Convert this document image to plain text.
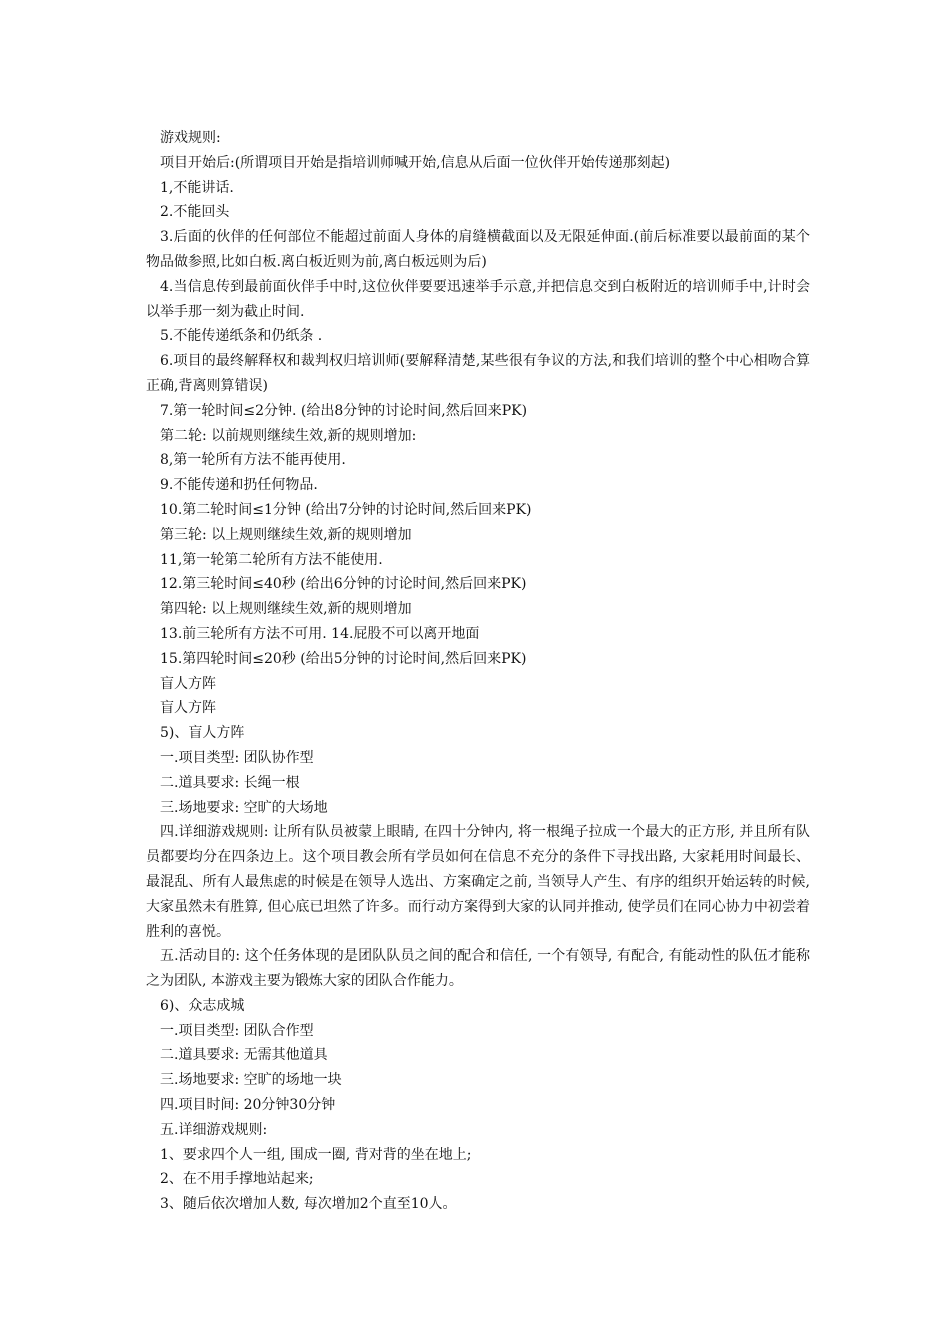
游戏规则:

项目开始后:(所谓项目开始是指培训师喊开始,信息从后面一位伙伴开始传递那刻起)

1,不能讲话.

2.不能回头

3.后面的伙伴的任何部位不能超过前面人身体的肩缝横截面以及无限延伸面.(前后标准要以最前面的某个物品做参照,比如白板.离白板近则为前,离白板远则为后)

4.当信息传到最前面伙伴手中时,这位伙伴要要迅速举手示意,并把信息交到白板附近的培训师手中,计时会以举手那一刻为截止时间.

5.不能传递纸条和仍纸条 .

6.项目的最终解释权和裁判权归培训师(要解释清楚,某些很有争议的方法,和我们培训的整个中心相吻合算正确,背离则算错误)

7.第一轮时间≤2分钟. (给出8分钟的讨论时间,然后回来PK)

第二轮: 以前规则继续生效,新的规则增加:

8,第一轮所有方法不能再使用.

9.不能传递和扔任何物品.

10.第二轮时间≤1分钟 (给出7分钟的讨论时间,然后回来PK)

第三轮: 以上规则继续生效,新的规则增加

11,第一轮第二轮所有方法不能使用.

12.第三轮时间≤40秒 (给出6分钟的讨论时间,然后回来PK)

第四轮: 以上规则继续生效,新的规则增加

13.前三轮所有方法不可用. 14.屁股不可以离开地面

15.第四轮时间≤20秒 (给出5分钟的讨论时间,然后回来PK)

盲人方阵

盲人方阵

5)、盲人方阵

一.项目类型: 团队协作型

二.道具要求: 长绳一根

三.场地要求: 空旷的大场地

四.详细游戏规则: 让所有队员被蒙上眼睛, 在四十分钟内, 将一根绳子拉成一个最大的正方形, 并且所有队员都要均分在四条边上。这个项目教会所有学员如何在信息不充分的条件下寻找出路, 大家耗用时间最长、最混乱、所有人最焦虑的时候是在领导人选出、方案确定之前, 当领导人产生、有序的组织开始运转的时候, 大家虽然未有胜算, 但心底已坦然了许多。而行动方案得到大家的认同并推动, 使学员们在同心协力中初尝着胜利的喜悦。

五.活动目的: 这个任务体现的是团队队员之间的配合和信任, 一个有领导, 有配合, 有能动性的队伍才能称之为团队, 本游戏主要为锻炼大家的团队合作能力。

6)、众志成城

一.项目类型: 团队合作型

二.道具要求: 无需其他道具

三.场地要求: 空旷的场地一块

四.项目时间: 20分钟30分钟

五.详细游戏规则:

1、要求四个人一组, 围成一圈, 背对背的坐在地上;

2、在不用手撑地站起来;

3、随后依次增加人数, 每次增加2个直至10人。
